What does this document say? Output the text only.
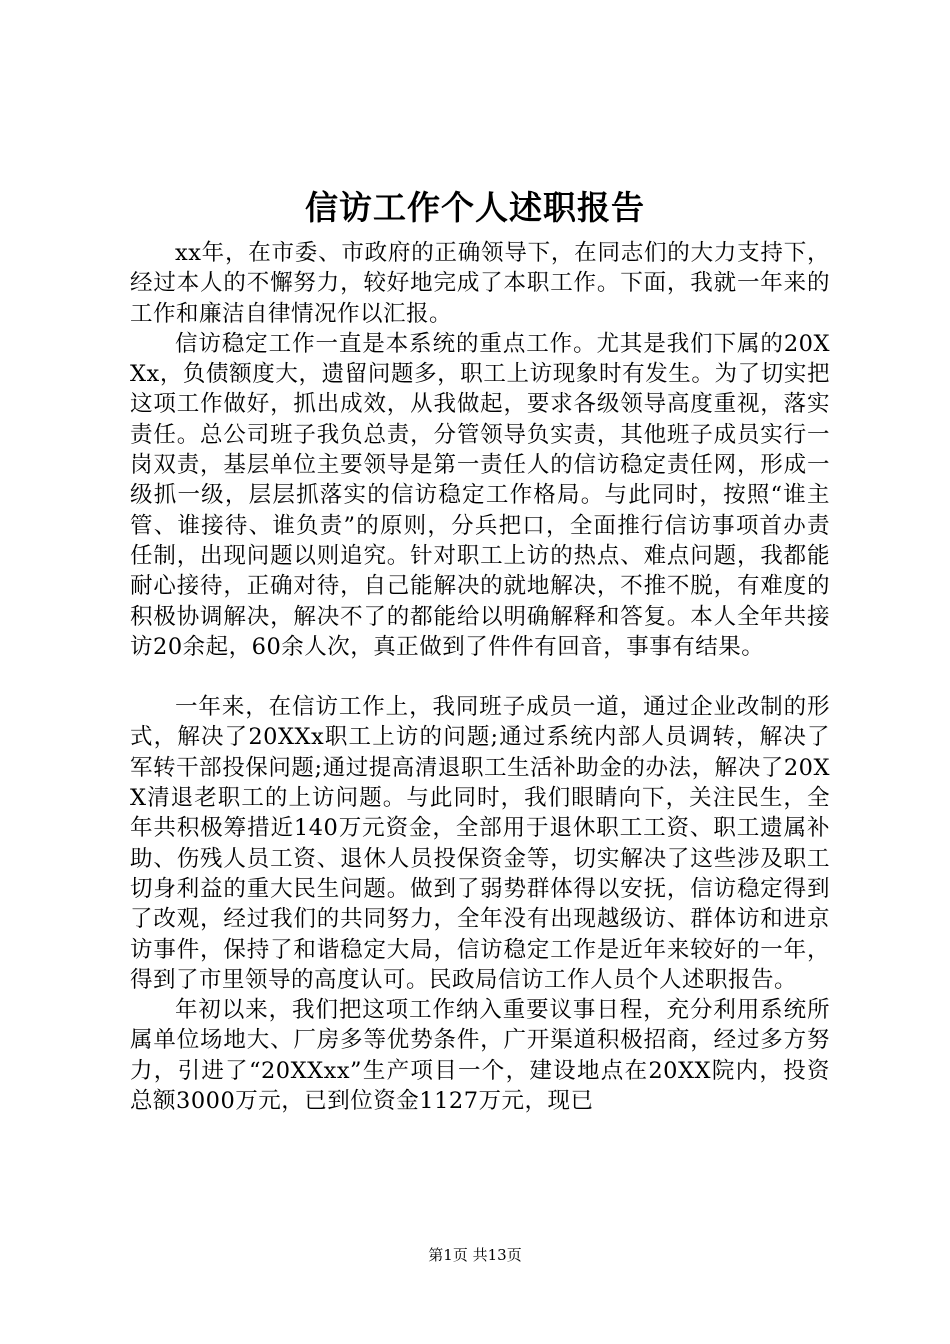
信访工作个人述职报告

xx年，在市委、市政府的正确领导下，在同志们的大力支持下，经过本人的不懈努力，较好地完成了本职工作。下面，我就一年来的工作和廉洁自律情况作以汇报。

信访稳定工作一直是本系统的重点工作。尤其是我们下属的20XXx，负债额度大，遗留问题多，职工上访现象时有发生。为了切实把这项工作做好，抓出成效，从我做起，要求各级领导高度重视，落实责任。总公司班子我负总责，分管领导负实责，其他班子成员实行一岗双责，基层单位主要领导是第一责任人的信访稳定责任网，形成一级抓一级，层层抓落实的信访稳定工作格局。与此同时，按照“谁主管、谁接待、谁负责”的原则，分兵把口，全面推行信访事项首办责任制，出现问题以则追究。针对职工上访的热点、难点问题，我都能耐心接待，正确对待，自己能解决的就地解决，不推不脱，有难度的积极协调解决，解决不了的都能给以明确解释和答复。本人全年共接访20余起，60余人次，真正做到了件件有回音，事事有结果。

一年来，在信访工作上，我同班子成员一道，通过企业改制的形式，解决了20XXx职工上访的问题;通过系统内部人员调转，解决了军转干部投保问题;通过提高清退职工生活补助金的办法，解决了20XX清退老职工的上访问题。与此同时，我们眼睛向下，关注民生，全年共积极筹措近140万元资金，全部用于退休职工工资、职工遗属补助、伤残人员工资、退休人员投保资金等，切实解决了这些涉及职工切身利益的重大民生问题。做到了弱势群体得以安抚，信访稳定得到了改观，经过我们的共同努力，全年没有出现越级访、群体访和进京访事件，保持了和谐稳定大局，信访稳定工作是近年来较好的一年，得到了市里领导的高度认可。民政局信访工作人员个人述职报告。

年初以来，我们把这项工作纳入重要议事日程，充分利用系统所属单位场地大、厂房多等优势条件，广开渠道积极招商，经过多方努力，引进了“20XXxx”生产项目一个，建设地点在20XX院内，投资总额3000万元，已到位资金1127万元，现已

第1页 共13页
